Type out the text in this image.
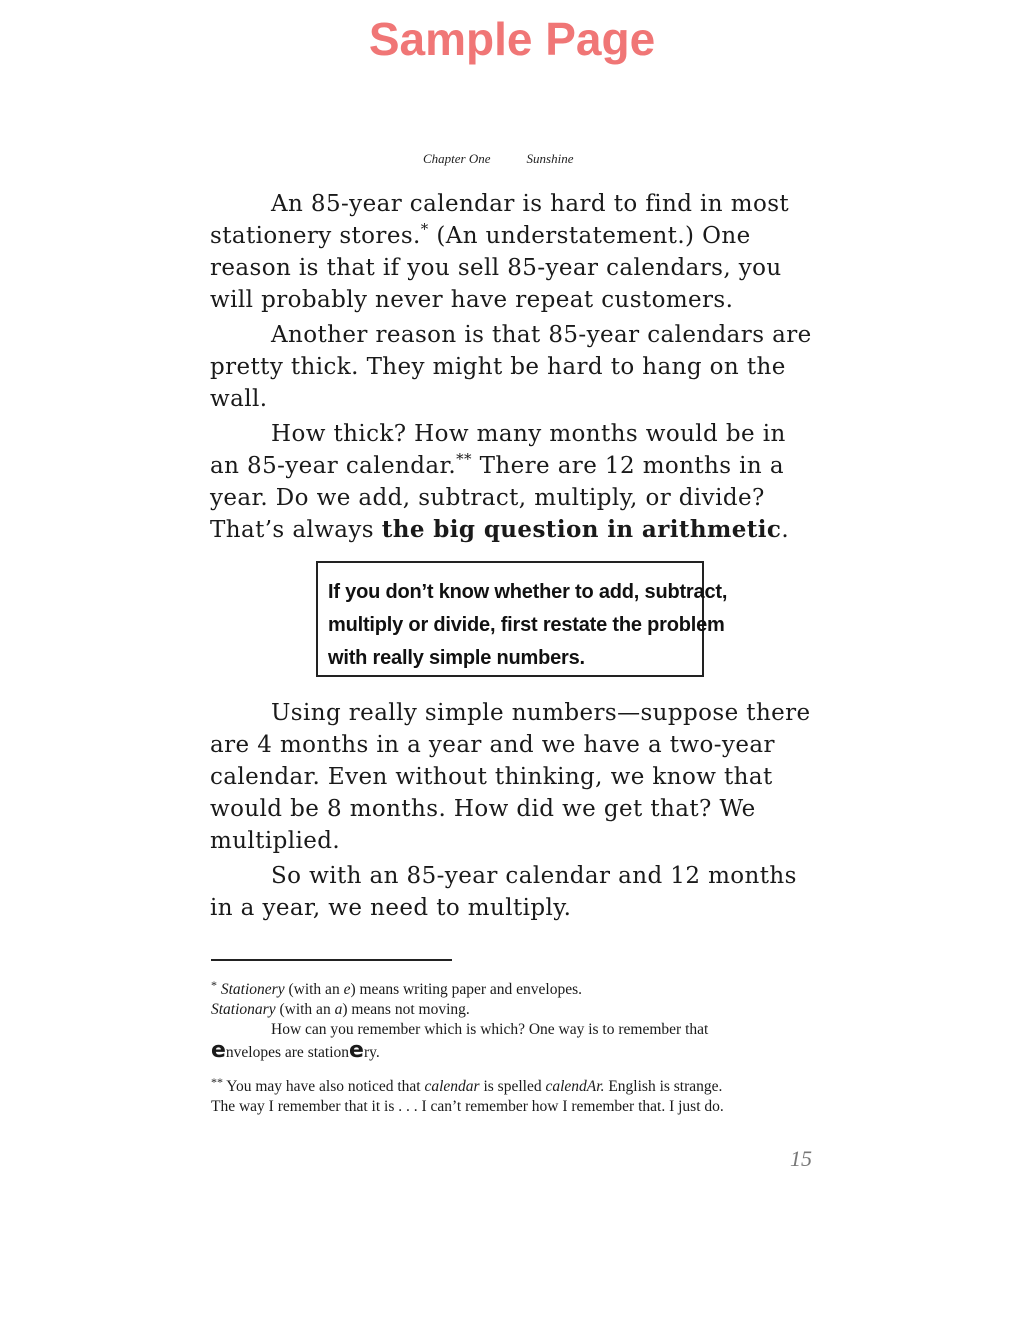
Sample Page
Chapter One	Sunshine

An 85-year calendar is hard to find in most stationery stores.* (An understatement.) One reason is that if you sell 85-year calendars, you will probably never have repeat customers.

Another reason is that 85-year calendars are pretty thick. They might be hard to hang on the wall.

How thick? How many months would be in an 85-year calendar.** There are 12 months in a year. Do we add, subtract, multiply, or divide? That’s always the big question in arithmetic.

If you don’t know whether to add, subtract,
multiply or divide, first restate the problem
with really simple numbers.

Using really simple numbers—suppose there are 4 months in a year and we have a two-year calendar. Even without thinking, we know that would be 8 months. How did we get that? We multiplied.

So with an 85-year calendar and 12 months in a year, we need to multiply.

* Stationery (with an e) means writing paper and envelopes.

Stationary (with an a) means not moving.

How can you remember which is which? One way is to remember that

envelopes are stationery.

** You may have also noticed that calendar is spelled calendAr. English is strange.

The way I remember that it is . . . I can’t remember how I remember that. I just do.

15
